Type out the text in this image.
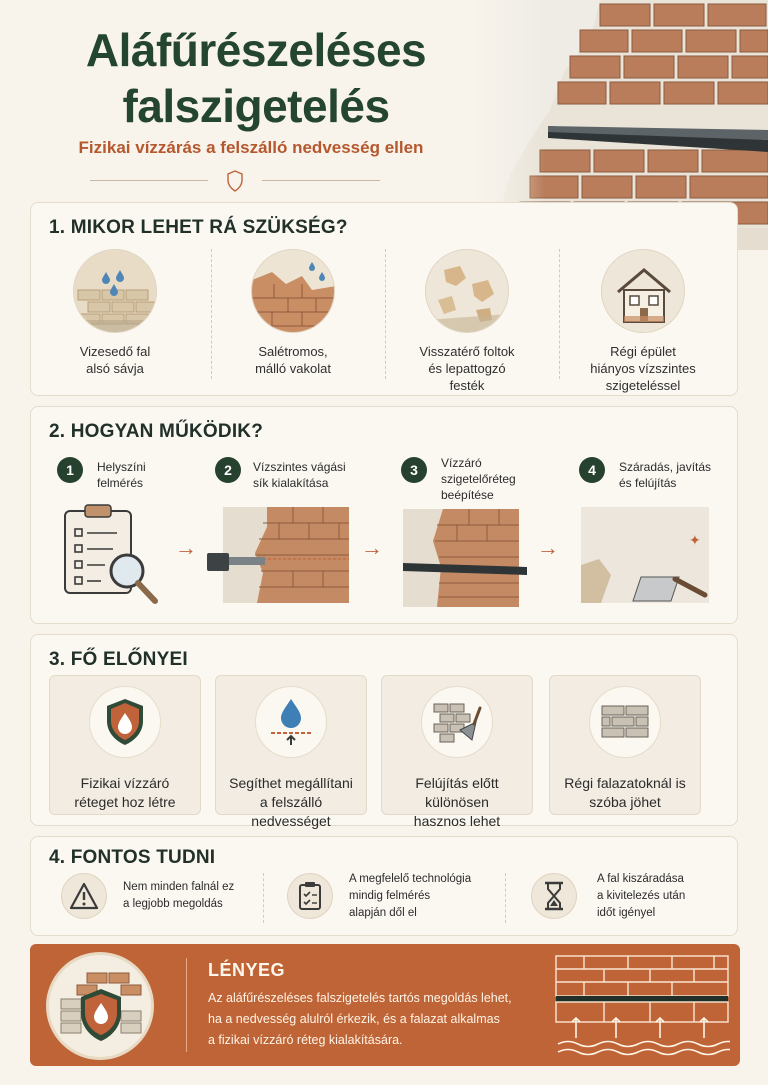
Aláfűrészeléses
falszigetelés
Fizikai vízzárás a felszálló nedvesség ellen
1. MIKOR LEHET RÁ SZÜKSÉG?
Vizesedő fal
alsó sávja
Salétromos,
málló vakolat
Visszatérő foltok
és lepattogzó
festék
Régi épület
hiányos vízszintes
szigeteléssel
2. HOGYAN MŰKÖDIK?
1	Helyszíni
felmérés
→
2	Vízszintes vágási
sík kialakítása
→
3	Vízzáró
szigetelőréteg
beépítése
→
4	Száradás, javítás
és felújítás
✦
3. FŐ ELŐNYEI
Fizikai vízzáró
réteget hoz létre
Segíthet megállítani
a felszálló
nedvességet
Felújítás előtt
különösen
hasznos lehet
Régi falazatoknál is
szóba jöhet
4. FONTOS TUDNI
Nem minden falnál ez
a legjobb megoldás
A megfelelő technológia
mindig felmérés
alapján dől el
A fal kiszáradása
a kivitelezés után
időt igényel
LÉNYEG
Az aláfűrészeléses falszigetelés tartós megoldás lehet,
ha a nedvesség alulról érkezik, és a falazat alkalmas
a fizikai vízzáró réteg kialakítására.
